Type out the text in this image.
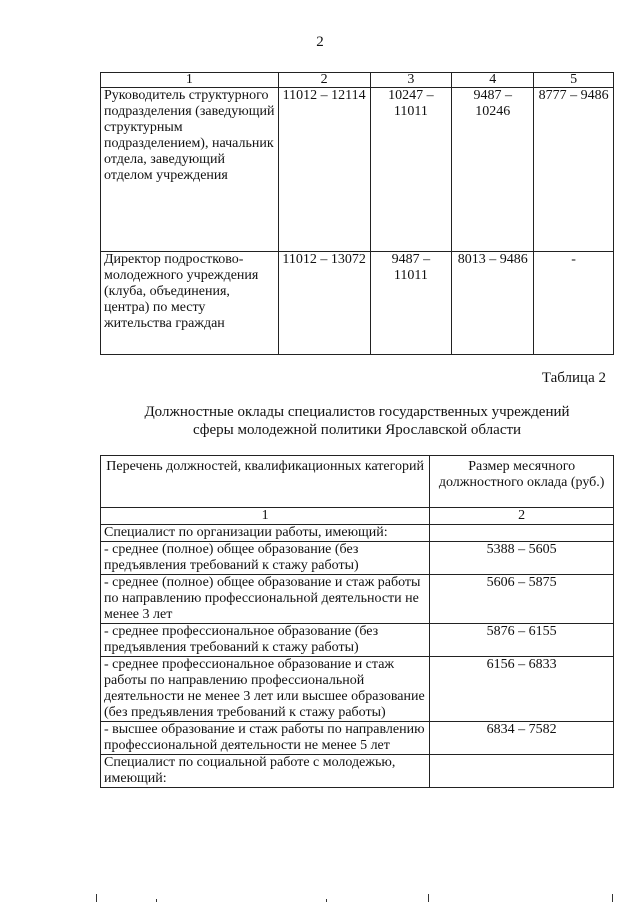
2
1	2	3	4	5
Руководитель структурного подразделения (заведующий структурным подразделением), начальник отдела, заведующий отделом учреждения	11012 – 12114	10247 – 11011	9487 – 10246	8777 – 9486
Директор подростково-молодежного учреждения (клуба, объединения, центра) по месту жительства граждан	11012 – 13072	9487 – 11011	8013 – 9486	-
Таблица 2
Должностные оклады специалистов государственных учреждений
сферы молодежной политики Ярославской области
Перечень должностей, квалификационных категорий	Размер месячного должностного оклада (руб.)
1	2
Специалист по организации работы, имеющий:	
- среднее (полное) общее образование (без предъявления требований к стажу работы)	5388 – 5605
- среднее (полное) общее образование и стаж работы по направлению профессиональной деятельности не менее 3 лет	5606 – 5875
- среднее профессиональное образование (без предъявления требований к стажу работы)	5876 – 6155
- среднее профессиональное образование и стаж работы по направлению профессиональной деятельности не менее 3 лет или высшее образование (без предъявления требований к стажу работы)	6156 – 6833
- высшее образование и стаж работы по направлению профессиональной деятельности не менее 5 лет	6834 – 7582
Специалист по социальной работе с молодежью, имеющий:	
